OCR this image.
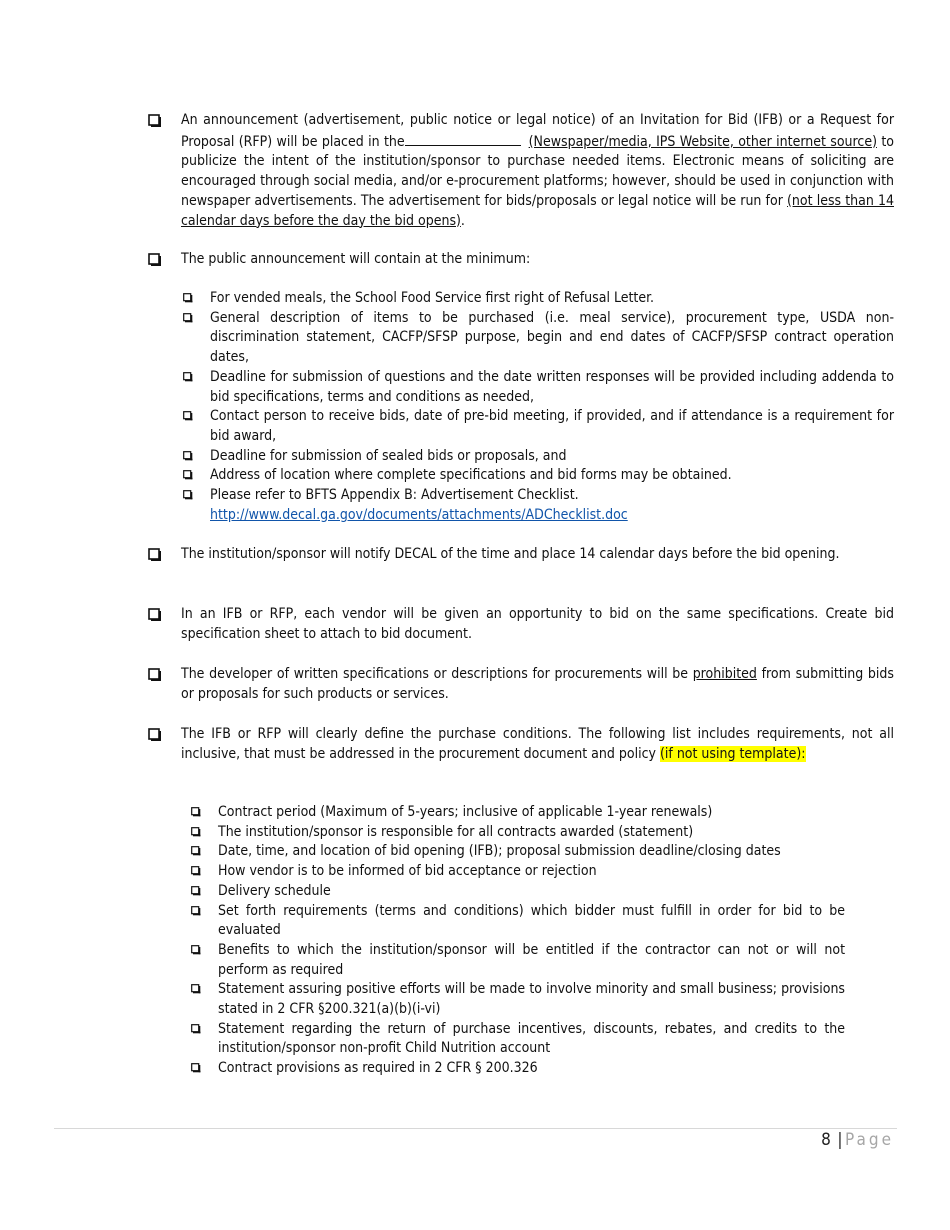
An announcement (advertisement, public notice or legal notice) of an Invitation for Bid (IFB) or a Request for Proposal (RFP) will be placed in the	(Newspaper/media, IPS Website, other internet source) to publicize the intent of the institution/sponsor to purchase needed items. Electronic means of soliciting are encouraged through social media, and/or e-procurement platforms; however, should be used in conjunction with newspaper advertisements. The advertisement for bids/proposals or legal notice will be run for (not less than 14 calendar days before the day the bid opens).
The public announcement will contain at the minimum:
For vended meals, the School Food Service first right of Refusal Letter.
General description of items to be purchased (i.e. meal service), procurement type, USDA non-discrimination statement, CACFP/SFSP purpose, begin and end dates of CACFP/SFSP contract operation dates,
Deadline for submission of questions and the date written responses will be provided including addenda to bid specifications, terms and conditions as needed,
Contact person to receive bids, date of pre-bid meeting, if provided, and if attendance is a requirement for bid award,
Deadline for submission of sealed bids or proposals, and
Address of location where complete specifications and bid forms may be obtained.
Please refer to BFTS Appendix B: Advertisement Checklist.
http://www.decal.ga.gov/documents/attachments/ADChecklist.doc
The institution/sponsor will notify DECAL of the time and place 14 calendar days before the bid opening.
In an IFB or RFP, each vendor will be given an opportunity to bid on the same specifications. Create bid specification sheet to attach to bid document.
The developer of written specifications or descriptions for procurements will be prohibited from submitting bids or proposals for such products or services.
The IFB or RFP will clearly define the purchase conditions. The following list includes requirements, not all inclusive, that must be addressed in the procurement document and policy (if not using template):
Contract period (Maximum of 5-years; inclusive of applicable 1-year renewals)
The institution/sponsor is responsible for all contracts awarded (statement)
Date, time, and location of bid opening (IFB); proposal submission deadline/closing dates
How vendor is to be informed of bid acceptance or rejection
Delivery schedule
Set forth requirements (terms and conditions) which bidder must fulfill in order for bid to be evaluated
Benefits to which the institution/sponsor will be entitled if the contractor can not or will not perform as required
Statement assuring positive efforts will be made to involve minority and small business; provisions stated in 2 CFR §200.321(a)(b)(i-vi)
Statement regarding the return of purchase incentives, discounts, rebates, and credits to the institution/sponsor non-profit Child Nutrition account
Contract provisions as required in 2 CFR § 200.326
8 | Page
